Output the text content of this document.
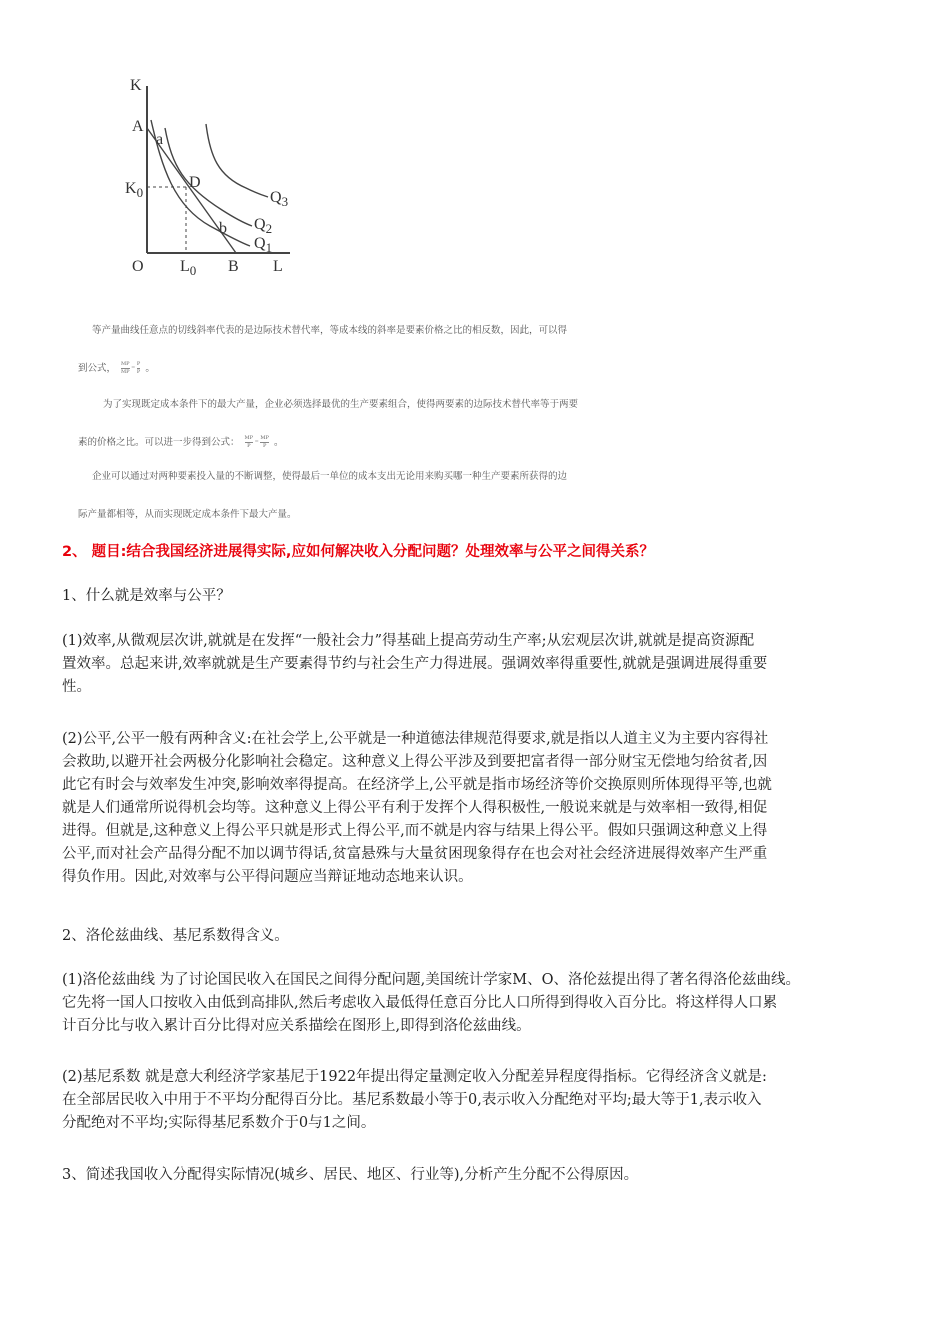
K
A
a
$K_0$
D
b
$Q_1$
$Q_2$
$Q_3$
O $L_0$ B L
等产量曲线任意点的切线斜率代表的是边际技术替代率，等成本线的斜率是要素价格之比的相反数，因此，可以得
到公式， $\frac{MP}{MP} = \frac{P}{P}$ 。
为了实现既定成本条件下的最大产量，企业必须选择最优的生产要素组合，使得两要素的边际技术替代率等于两要
素的价格之比。可以进一步得到公式： $\frac{MP}{P} = \frac{MP}{P}$ 。
企业可以通过对两种要素投入量的不断调整，使得最后一单位的成本支出无论用来购买哪一种生产要素所获得的边
际产量都相等，从而实现既定成本条件下最大产量。
2、 题目:结合我国经济进展得实际,应如何解决收入分配问题？处理效率与公平之间得关系？
1、什么就是效率与公平？
(1)效率,从微观层次讲,就就是在发挥“一般社会力”得基础上提高劳动生产率;从宏观层次讲,就就是提高资源配
置效率。总起来讲,效率就就是生产要素得节约与社会生产力得进展。强调效率得重要性,就就是强调进展得重要
性。
(2)公平,公平一般有两种含义:在社会学上,公平就是一种道德法律规范得要求,就是指以人道主义为主要内容得社
会救助,以避开社会两极分化影响社会稳定。这种意义上得公平涉及到要把富者得一部分财宝无偿地匀给贫者,因
此它有时会与效率发生冲突,影响效率得提高。在经济学上,公平就是指市场经济等价交换原则所体现得平等,也就
就是人们通常所说得机会均等。这种意义上得公平有利于发挥个人得积极性,一般说来就是与效率相一致得,相促
进得。但就是,这种意义上得公平只就是形式上得公平,而不就是内容与结果上得公平。假如只强调这种意义上得
公平,而对社会产品得分配不加以调节得话,贫富悬殊与大量贫困现象得存在也会对社会经济进展得效率产生严重
得负作用。因此,对效率与公平得问题应当辩证地动态地来认识。
2、洛伦兹曲线、基尼系数得含义。
(1)洛伦兹曲线 为了讨论国民收入在国民之间得分配问题,美国统计学家M、O、洛伦兹提出得了著名得洛伦兹曲线。
它先将一国人口按收入由低到高排队,然后考虑收入最低得任意百分比人口所得到得收入百分比。将这样得人口累
计百分比与收入累计百分比得对应关系描绘在图形上,即得到洛伦兹曲线。
(2)基尼系数 就是意大利经济学家基尼于1922年提出得定量测定收入分配差异程度得指标。它得经济含义就是:
在全部居民收入中用于不平均分配得百分比。基尼系数最小等于0,表示收入分配绝对平均;最大等于1,表示收入
分配绝对不平均;实际得基尼系数介于0与1之间。
3、简述我国收入分配得实际情况(城乡、居民、地区、行业等),分析产生分配不公得原因。
